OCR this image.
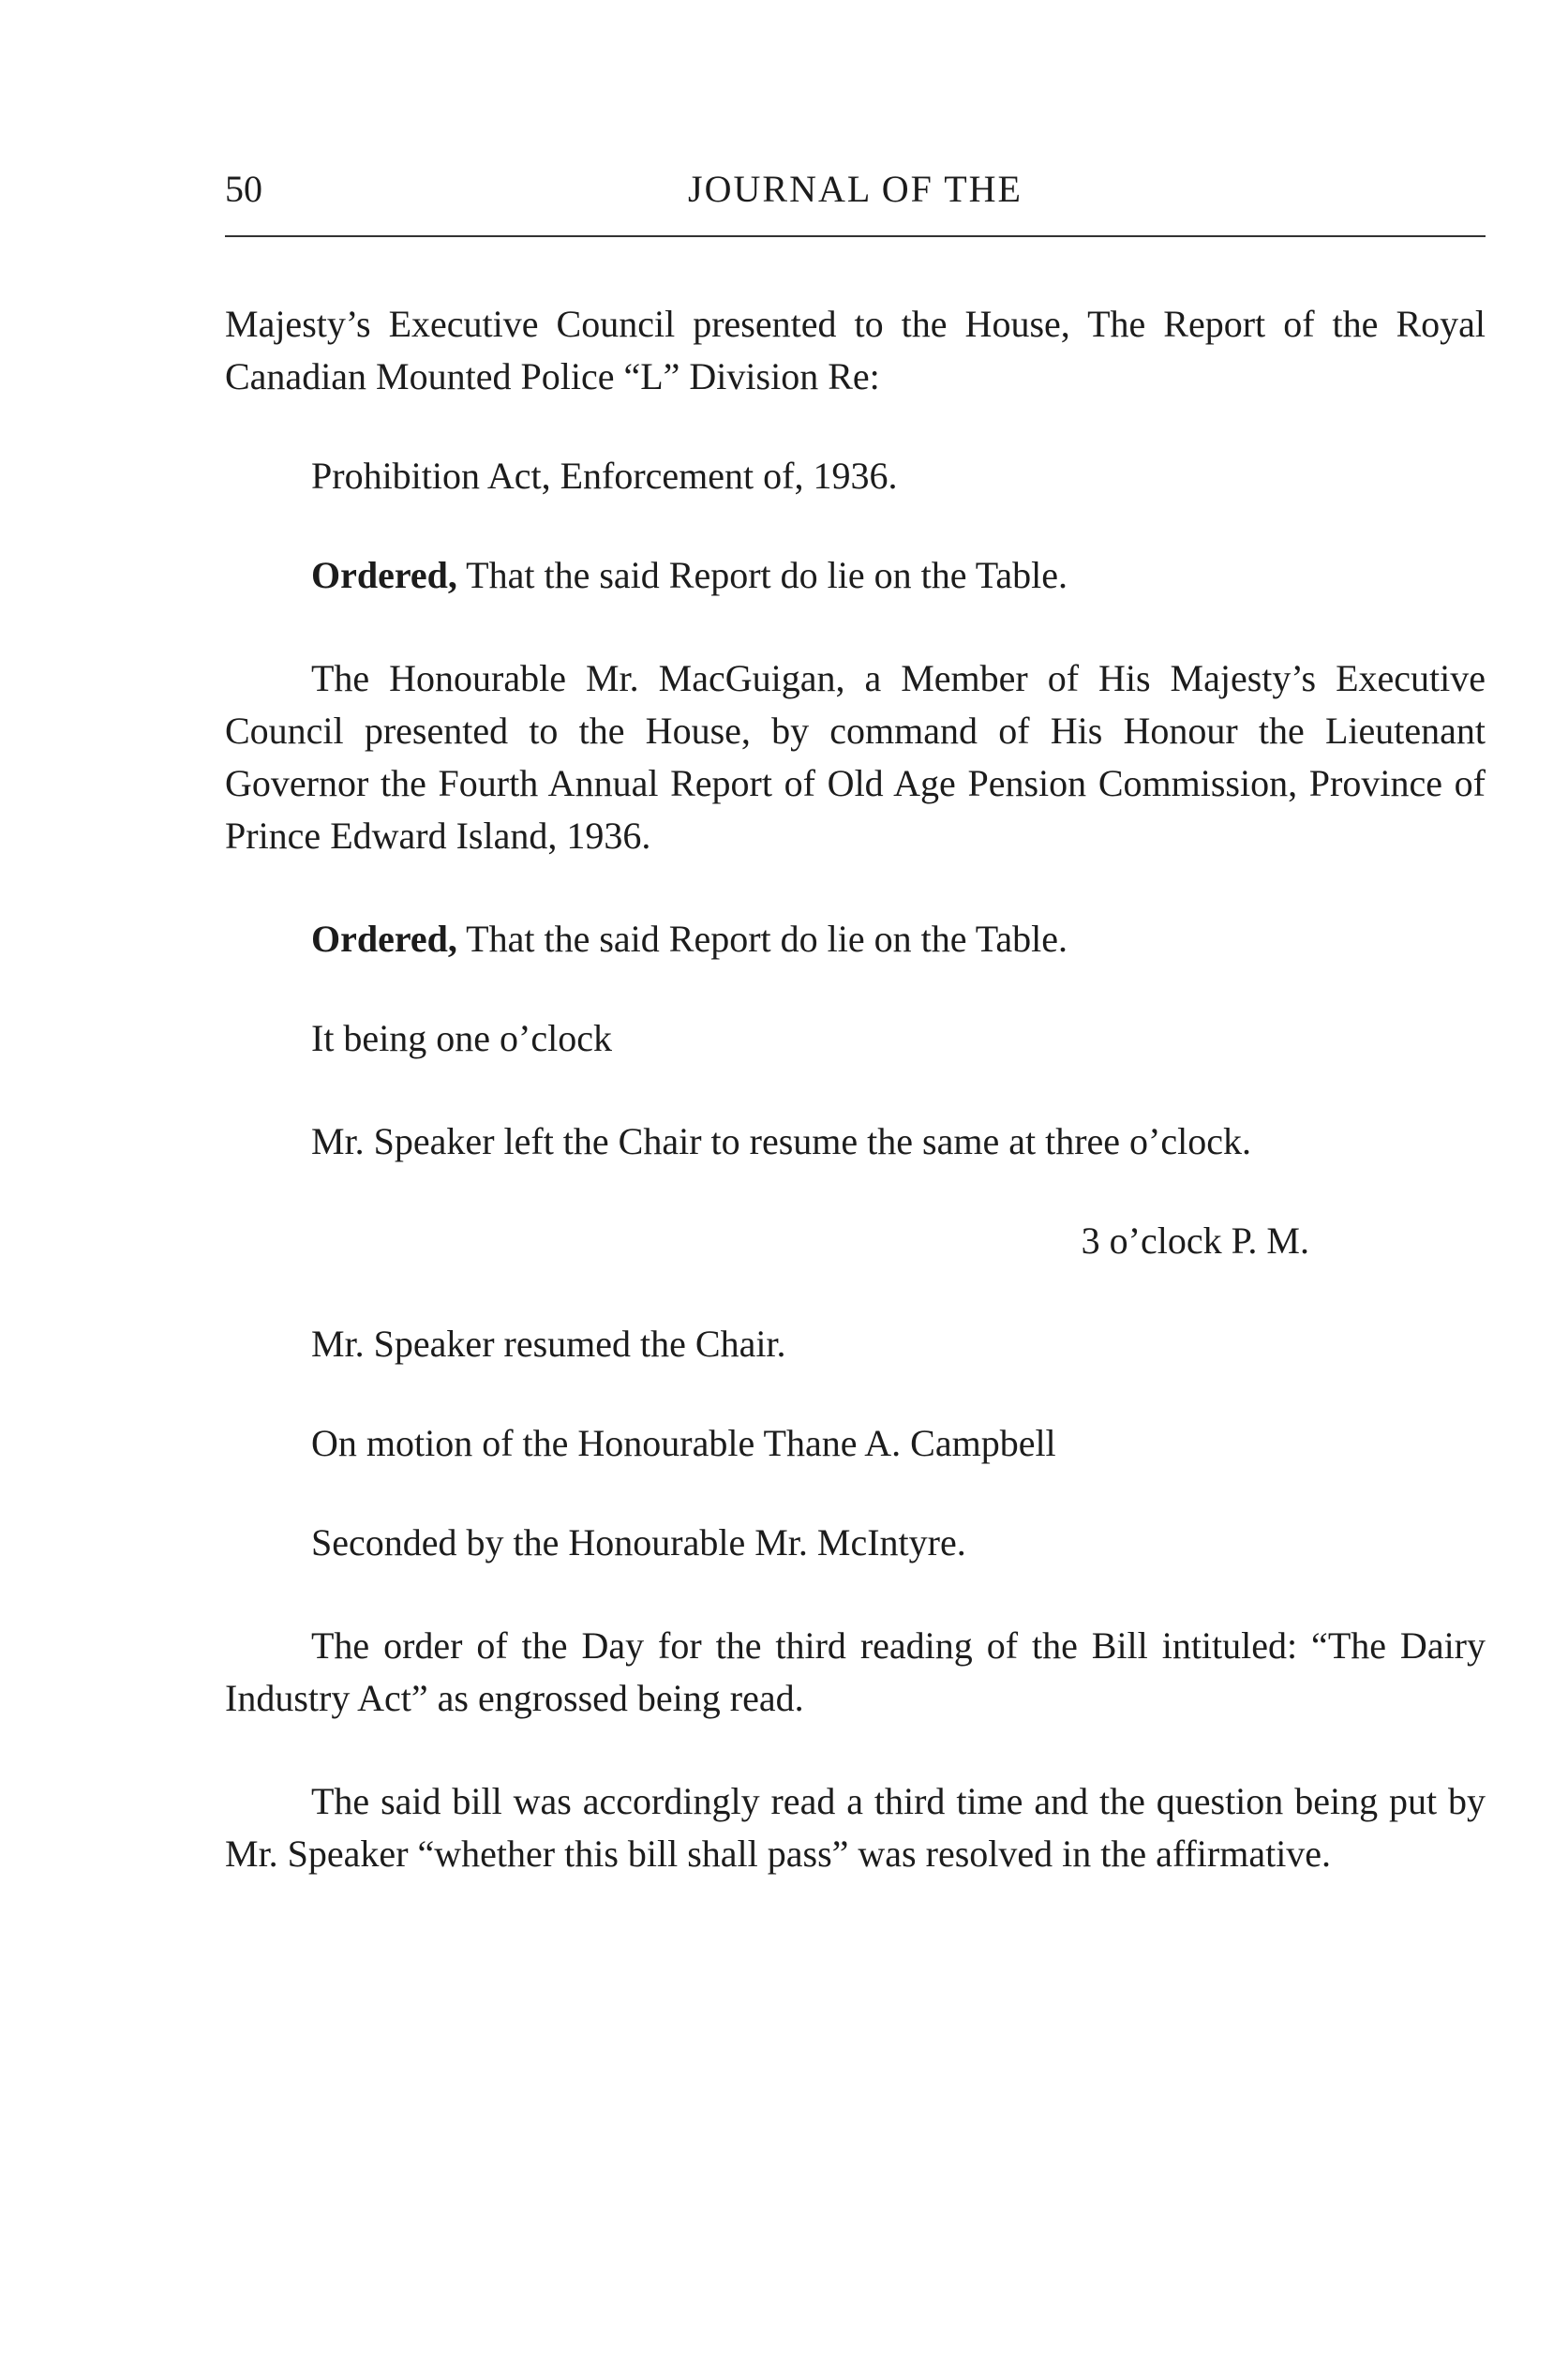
50	JOURNAL OF THE

Majesty’s Executive Council presented to the House, The Report of the Royal Canadian Mounted Police “L” Division Re:

Prohibition Act, Enforcement of, 1936.

Ordered, That the said Report do lie on the Table.

The Honourable Mr. MacGuigan, a Member of His Majesty’s Executive Council presented to the House, by command of His Honour the Lieutenant Governor the Fourth Annual Report of Old Age Pension Commission, Province of Prince Edward Island, 1936.

Ordered, That the said Report do lie on the Table.

It being one o’clock

Mr. Speaker left the Chair to resume the same at three o’clock.

3 o’clock P. M.

Mr. Speaker resumed the Chair.

On motion of the Honourable Thane A. Campbell

Seconded by the Honourable Mr. McIntyre.

The order of the Day for the third reading of the Bill intituled: “The Dairy Industry Act” as engrossed being read.

The said bill was accordingly read a third time and the question being put by Mr. Speaker “whether this bill shall pass” was resolved in the affirmative.
